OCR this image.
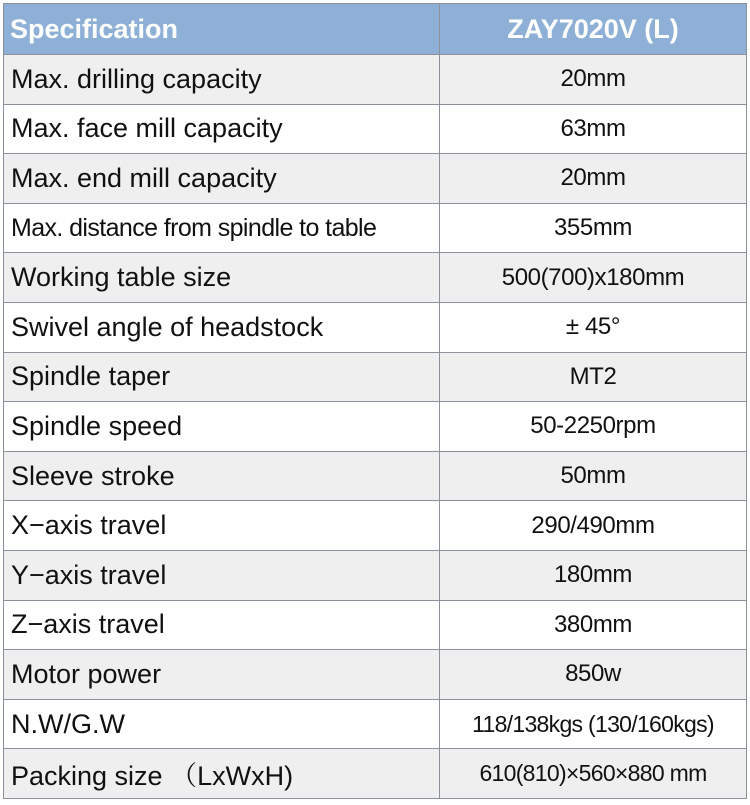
Specification	ZAY7020V (L)
Max. drilling capacity	20mm
Max. face mill capacity	63mm
Max. end mill capacity	20mm
Max. distance from spindle to table	355mm
Working table size	500(700)x180mm
Swivel angle of headstock	± 45°
Spindle taper	MT2
Spindle speed	50-2250rpm
Sleeve stroke	50mm
X−axis travel	290/490mm
Y−axis travel	180mm
Z−axis travel	380mm
Motor power	850w
N.W/G.W	118/138kgs (130/160kgs)
Packing size （LxWxH)	610(810)×560×880 mm
